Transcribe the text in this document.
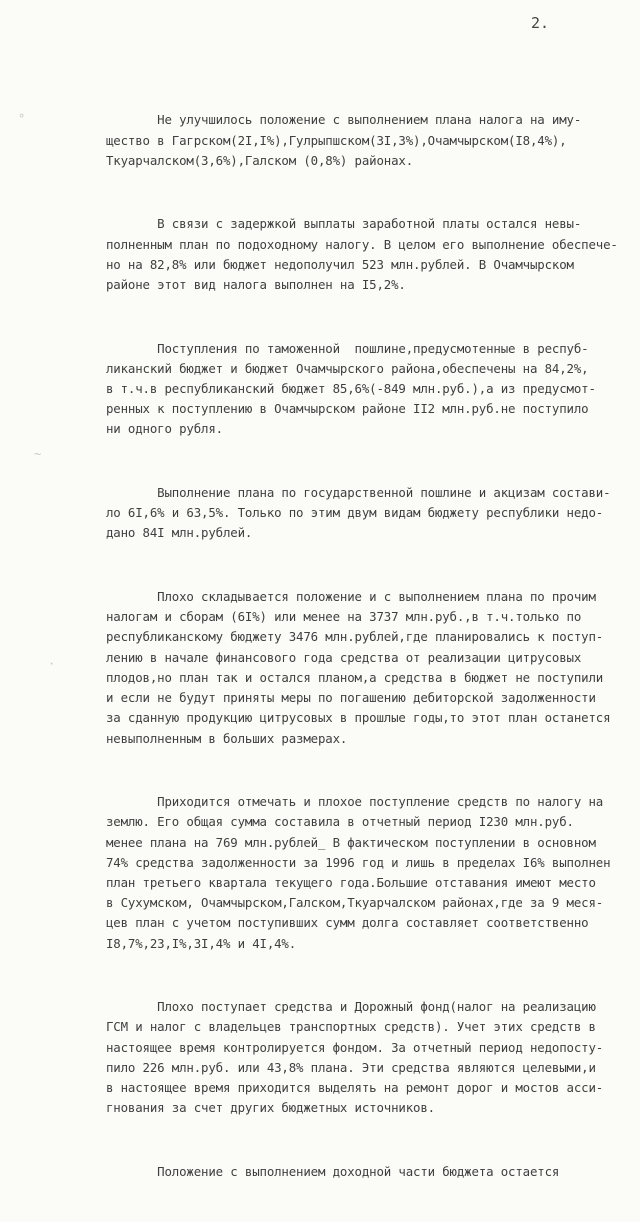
2.
°
~
·

Не улучшилось положение с выполнением плана налога на иму-
щество в Гагрском(2I,I%),Гулрыпшском(3I,3%),Очамчырском(I8,4%),
Ткуарчалском(3,6%),Галском (0,8%) районах.

В связи с задержкой выплаты заработной платы остался невы-
полненным план по подоходному налогу. В целом его выполнение обеспече-
но на 82,8% или бюджет недополучил 523 млн.рублей. В Очамчырском
районе этот вид налога выполнен на I5,2%.

Поступления по таможенной  пошлине,предусмотенные в респуб-
ликанский бюджет и бюджет Очамчырского района,обеспечены на 84,2%,
в т.ч.в республиканский бюджет 85,6%(-849 млн.руб.),а из предусмот-
ренных к поступлению в Очамчырском районе II2 млн.руб.не поступило
ни одного рубля.

Выполнение плана по государственной пошлине и акцизам состави-
ло 6I,6% и 63,5%. Только по этим двум видам бюджету республики недо-
дано 84I млн.рублей.

Плохо складывается положение и с выполнением плана по прочим
налогам и сборам (6I%) или менее на 3737 млн.руб.,в т.ч.только по
республиканскому бюджету 3476 млн.рублей,где планировались к поступ-
лению в начале финансового года средства от реализации цитрусовых
плодов,но план так и остался планом,а средства в бюджет не поступили
и если не будут приняты меры по погашению дебиторской задолженности
за сданную продукцию цитрусовых в прошлые годы,то этот план останется
невыполненным в больших размерах.

Приходится отмечать и плохое поступление средств по налогу на
землю. Его общая сумма составила в отчетный период I230 млн.руб.
менее плана на 769 млн.рублей_ В фактическом поступлении в основном
74% средства задолженности за 1996 год и лишь в пределах I6% выполнен
план третьего квартала текущего года.Большие отставания имеют место
в Сухумском, Очамчырском,Галском,Ткуарчалском районах,где за 9 меся-
цев план с учетом поступивших сумм долга составляет соответственно
I8,7%,23,I%,3I,4% и 4I,4%.

Плохо поступает средства и Дорожный фонд(налог на реализацию
ГСМ и налог с владельцев транспортных средств). Учет этих средств в
настоящее время контролируется фондом. За отчетный период недопосту-
пило 226 млн.руб. или 43,8% плана. Эти средства являются целевыми,и
в настоящее время приходится выделять на ремонт дорог и мостов асси-
гнования за счет других бюджетных источников.

Положение с выполнением доходной части бюджета остается
